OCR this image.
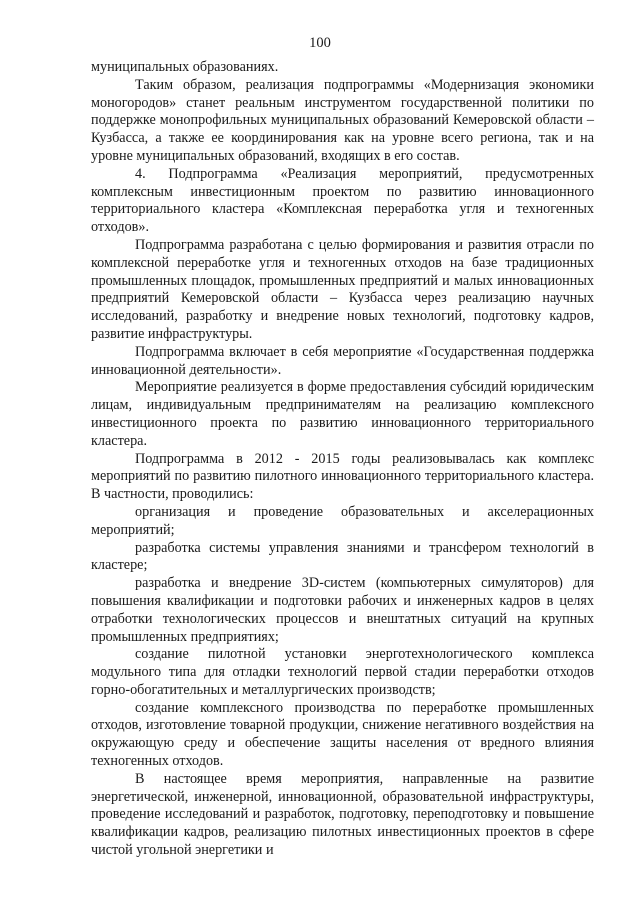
100

муниципальных образованиях.

Таким образом, реализация подпрограммы «Модернизация экономики моногородов» станет реальным инструментом государственной политики по поддержке монопрофильных муниципальных образований Кемеровской области – Кузбасса, а также ее координирования как на уровне всего региона, так и на уровне муниципальных образований, входящих в его состав.

4. Подпрограмма «Реализация мероприятий, предусмотренных комплексным инвестиционным проектом по развитию инновационного территориального кластера «Комплексная переработка угля и техногенных отходов».

Подпрограмма разработана с целью формирования и развития отрасли по комплексной переработке угля и техногенных отходов на базе традиционных промышленных площадок, промышленных предприятий и малых инновационных предприятий Кемеровской области – Кузбасса через реализацию научных исследований, разработку и внедрение новых технологий, подготовку кадров, развитие инфраструктуры.

Подпрограмма включает в себя мероприятие «Государственная поддержка инновационной деятельности».

Мероприятие реализуется в форме предоставления субсидий юридическим лицам, индивидуальным предпринимателям на реализацию комплексного инвестиционного проекта по развитию инновационного территориального кластера.

Подпрограмма в 2012 - 2015 годы реализовывалась как комплекс мероприятий по развитию пилотного инновационного территориального кластера. В частности, проводились:

организация и проведение образовательных и акселерационных мероприятий;

разработка системы управления знаниями и трансфером технологий в кластере;

разработка и внедрение 3D-систем (компьютерных симуляторов) для повышения квалификации и подготовки рабочих и инженерных кадров в целях отработки технологических процессов и внештатных ситуаций на крупных промышленных предприятиях;

создание пилотной установки энерготехнологического комплекса модульного типа для отладки технологий первой стадии переработки отходов горно-обогатительных и металлургических производств;

создание комплексного производства по переработке промышленных отходов, изготовление товарной продукции, снижение негативного воздействия на окружающую среду и обеспечение защиты населения от вредного влияния техногенных отходов.

В настоящее время мероприятия, направленные на развитие энергетической, инженерной, инновационной, образовательной инфраструктуры, проведение исследований и разработок, подготовку, переподготовку и повышение квалификации кадров, реализацию пилотных инвестиционных проектов в сфере чистой угольной энергетики и
